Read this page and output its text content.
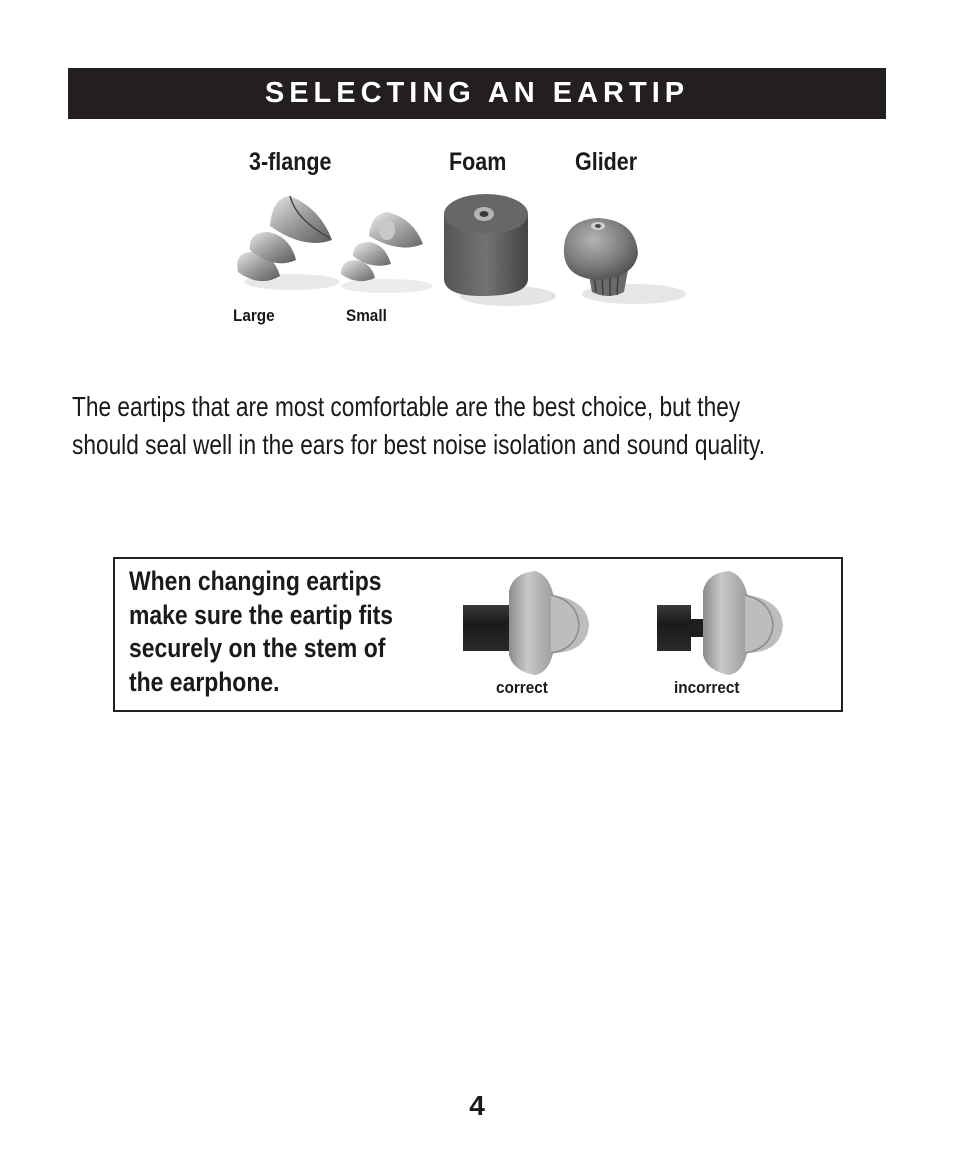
SELECTING AN EARTIP
3-flange	Foam	Glider
Large	Small
The eartips that are most comfortable are the best choice, but they
should seal well in the ears for best noise isolation and sound quality.
When changing eartips
make sure the eartip fits
securely on the stem of
the earphone.	correct	incorrect
4
